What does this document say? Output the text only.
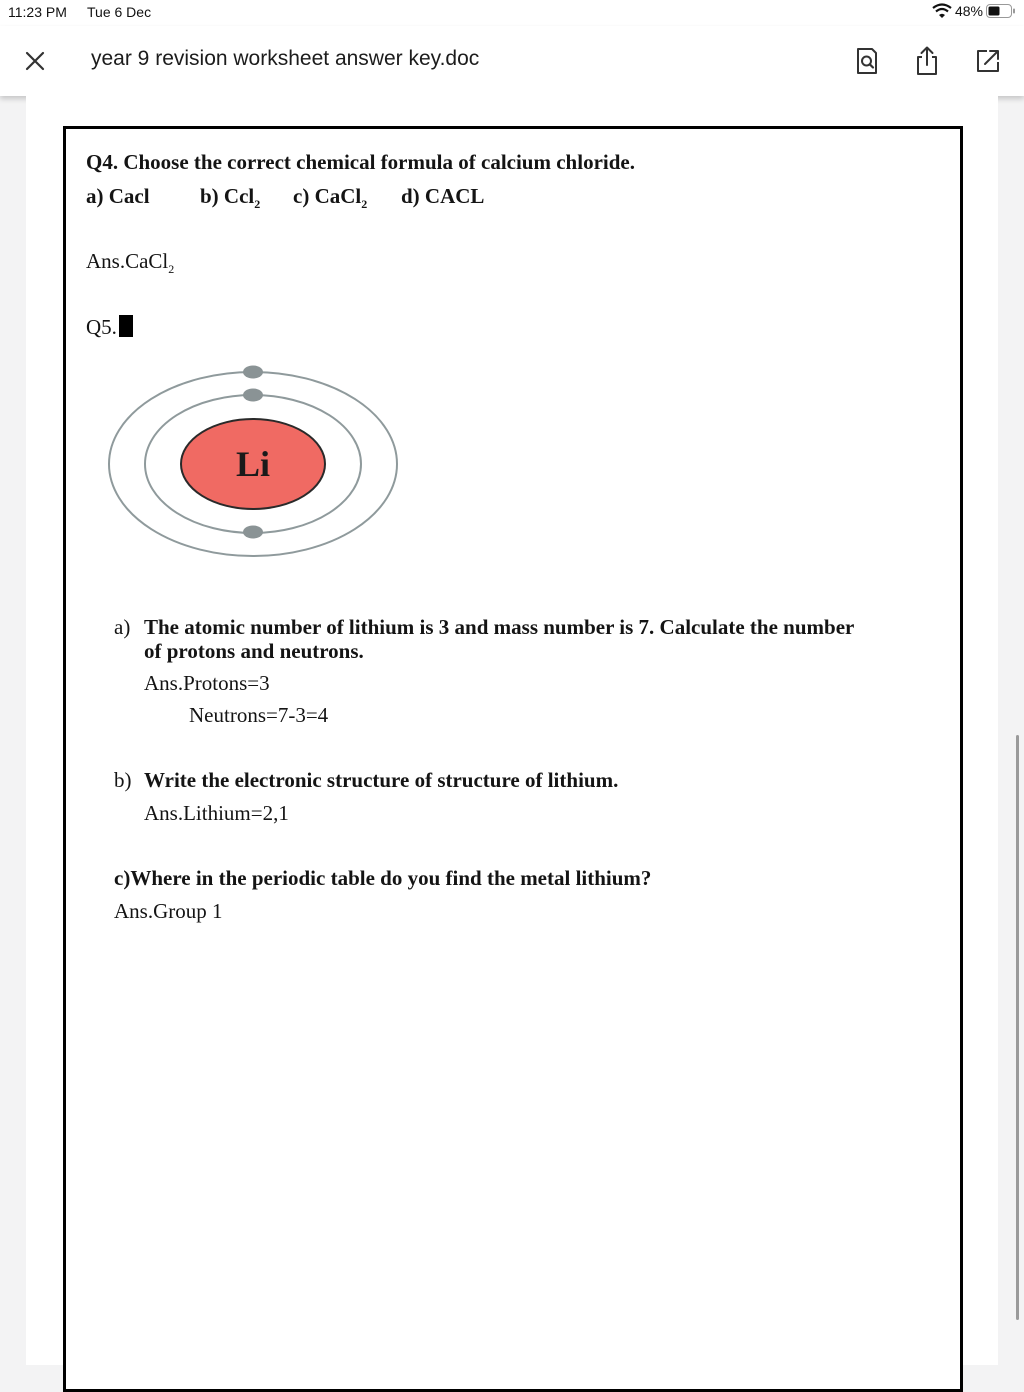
11:23 PM Tue 6 Dec	48%
year 9 revision worksheet answer key.doc
Q4. Choose the correct chemical formula of calcium chloride.
a) Cacl b) Ccl$_2$ c) CaCl$_2$ d) CACL
Ans.CaCl$_2$
Q5.
Li
a) The atomic number of lithium is 3 and mass number is 7. Calculate the number
of protons and neutrons.
Ans.Protons=3
Neutrons=7-3=4
b) Write the electronic structure of structure of lithium.
Ans.Lithium=2,1
c)Where in the periodic table do you find the metal lithium?
Ans.Group 1
